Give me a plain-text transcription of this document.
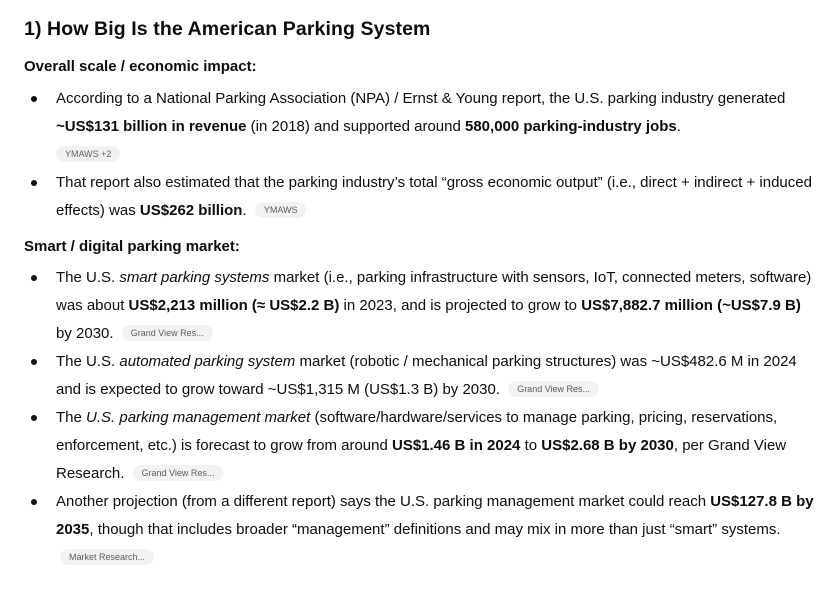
1) How Big Is the American Parking System
Overall scale / economic impact:
According to a National Parking Association (NPA) / Ernst & Young report, the U.S. parking industry generated ~US$131 billion in revenue (in 2018) and supported around 580,000 parking-industry jobs.
YMAWS +2
That report also estimated that the parking industry’s total “gross economic output” (i.e., direct + indirect + induced effects) was US$262 billion. YMAWS
Smart / digital parking market:
The U.S. smart parking systems market (i.e., parking infrastructure with sensors, IoT, connected meters, software) was about US$2,213 million (≈ US$2.2 B) in 2023, and is projected to grow to US$7,882.7 million (~US$7.9 B) by 2030. Grand View Res...
The U.S. automated parking system market (robotic / mechanical parking structures) was ~US$482.6 M in 2024 and is expected to grow toward ~US$1,315 M (US$1.3 B) by 2030. Grand View Res...
The U.S. parking management market (software/hardware/services to manage parking, pricing, reservations, enforcement, etc.) is forecast to grow from around US$1.46 B in 2024 to US$2.68 B by 2030, per Grand View Research. Grand View Res...
Another projection (from a different report) says the U.S. parking management market could reach US$127.8 B by 2035, though that includes broader “management” definitions and may mix in more than just “smart” systems. Market Research...
